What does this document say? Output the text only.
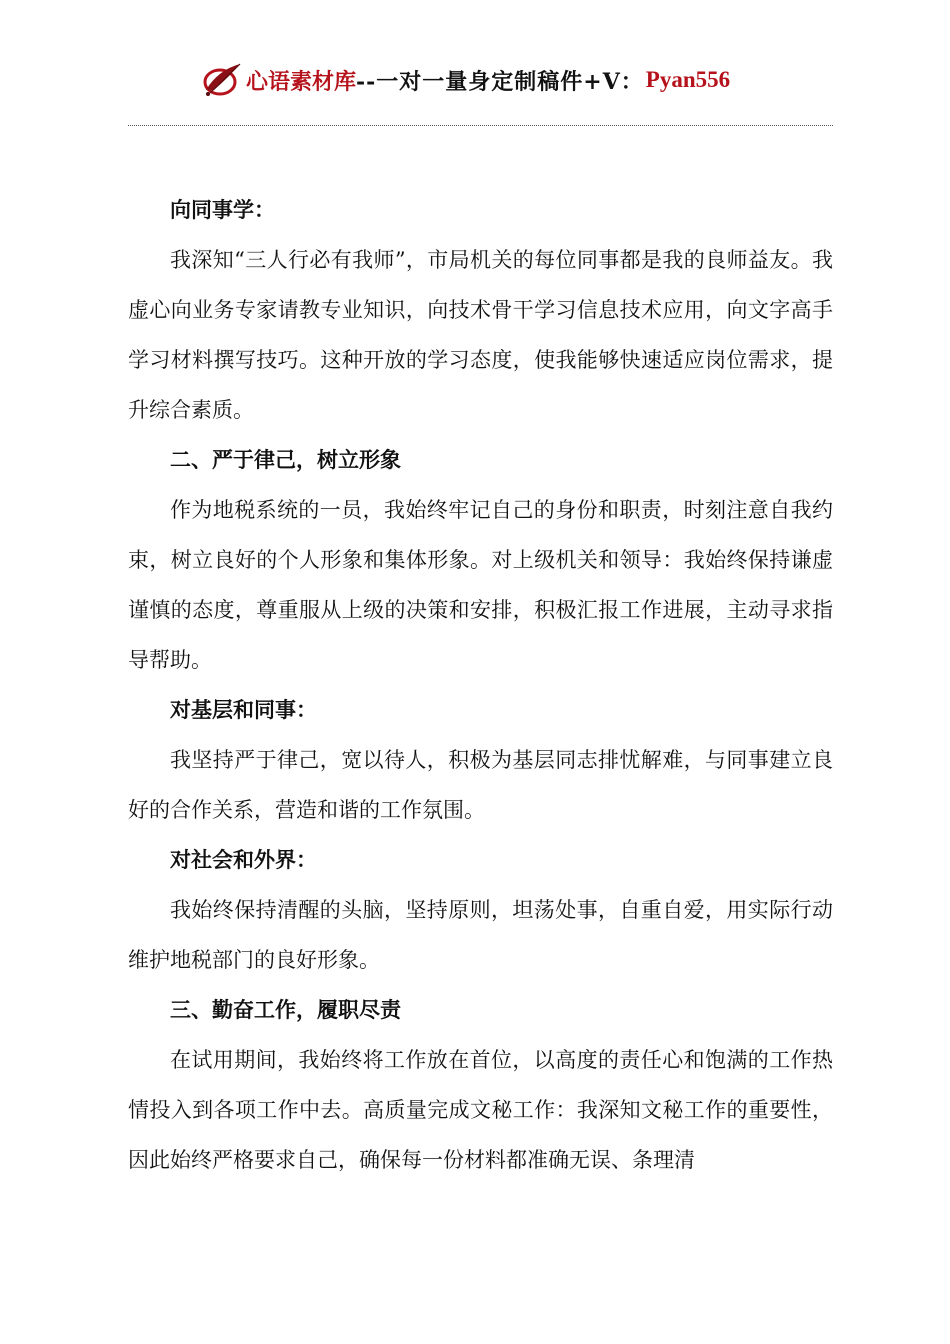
心语素材库 --一对一量身定制稿件+V： Pyan556

向同事学：

我深知“三人行必有我师”，市局机关的每位同事都是我的良师益友。我虚心向业务专家请教专业知识，向技术骨干学习信息技术应用，向文字高手学习材料撰写技巧。这种开放的学习态度，使我能够快速适应岗位需求，提升综合素质。

二、严于律己，树立形象

作为地税系统的一员，我始终牢记自己的身份和职责，时刻注意自我约束，树立良好的个人形象和集体形象。对上级机关和领导：我始终保持谦虚谨慎的态度，尊重服从上级的决策和安排，积极汇报工作进展，主动寻求指导帮助。

对基层和同事：

我坚持严于律己，宽以待人，积极为基层同志排忧解难，与同事建立良好的合作关系，营造和谐的工作氛围。

对社会和外界：

我始终保持清醒的头脑，坚持原则，坦荡处事，自重自爱，用实际行动维护地税部门的良好形象。

三、勤奋工作，履职尽责

在试用期间，我始终将工作放在首位，以高度的责任心和饱满的工作热情投入到各项工作中去。高质量完成文秘工作：我深知文秘工作的重要性，因此始终严格要求自己，确保每一份材料都准确无误、条理清
